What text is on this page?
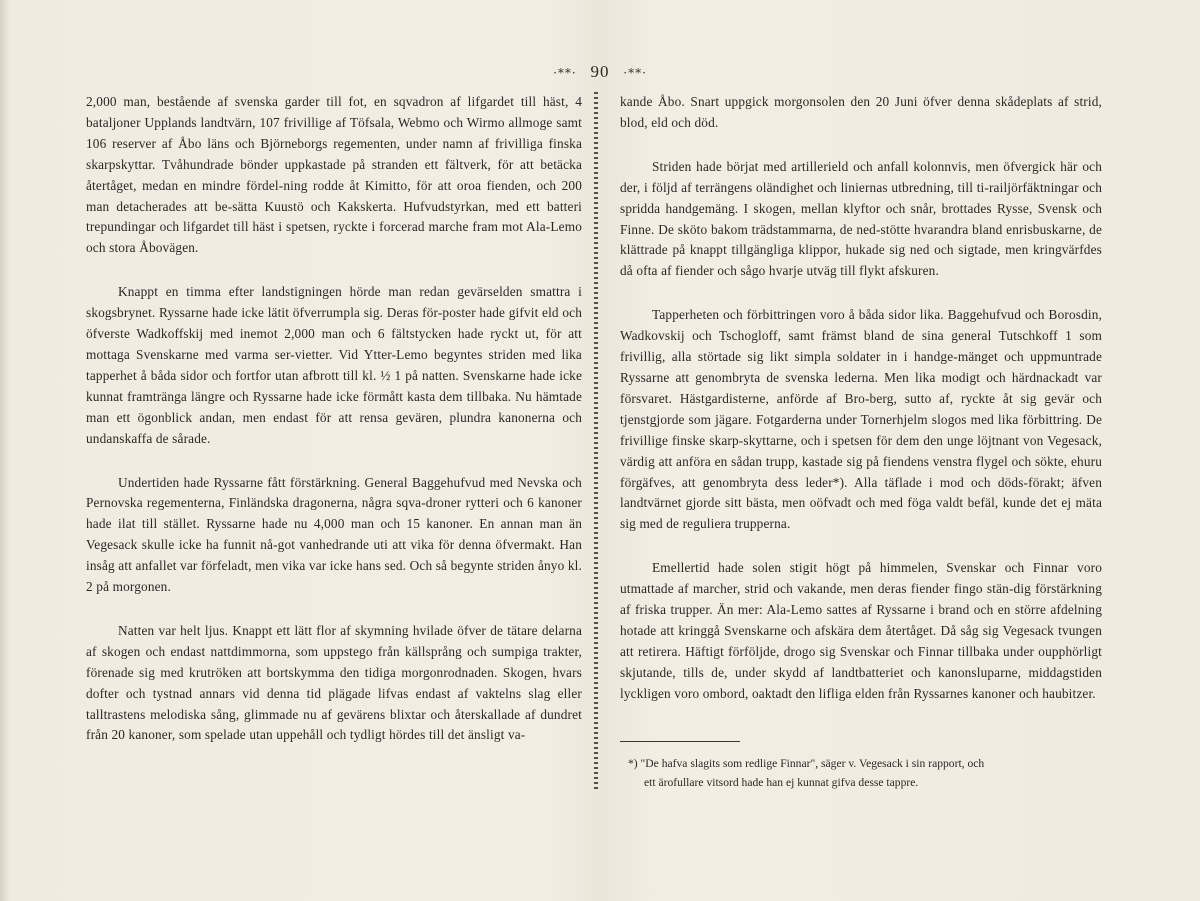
·**· 90 ·**·

2,000 man, bestående af svenska garder till fot, en sqvadron af lifgardet till häst, 4 bataljoner Upplands landtvärn, 107 frivillige af Töfsala, Webmo och Wirmo allmoge samt 106 reserver af Åbo läns och Björneborgs regementen, under namn af frivilliga finska skarpskyttar. Tvåhundrade bönder uppkastade på stranden ett fältverk, för att betäcka återtåget, medan en mindre fördel-ning rodde åt Kimitto, för att oroa fienden, och 200 man detacherades att be-sätta Kuustö och Kakskerta. Hufvudstyrkan, med ett batteri trepundingar och lifgardet till häst i spetsen, ryckte i forcerad marche fram mot Ala-Lemo och stora Åbovägen.

Knappt en timma efter landstigningen hörde man redan gevärselden smattra i skogsbrynet. Ryssarne hade icke lätit öfverrumpla sig. Deras för-poster hade gifvit eld och öfverste Wadkoffskij med inemot 2,000 man och 6 fältstycken hade ryckt ut, för att mottaga Svenskarne med varma ser-vietter. Vid Ytter-Lemo begyntes striden med lika tapperhet å båda sidor och fortfor utan afbrott till kl. ½ 1 på natten. Svenskarne hade icke kunnat framtränga längre och Ryssarne hade icke förmått kasta dem tillbaka. Nu hämtade man ett ögonblick andan, men endast för att rensa gevären, plundra kanonerna och undanskaffa de sårade.

Undertiden hade Ryssarne fått förstärkning. General Baggehufvud med Nevska och Pernovska regementerna, Finländska dragonerna, några sqva-droner rytteri och 6 kanoner hade ilat till stället. Ryssarne hade nu 4,000 man och 15 kanoner. En annan man än Vegesack skulle icke ha funnit nå-got vanhedrande uti att vika för denna öfvermakt. Han insåg att anfallet var förfeladt, men vika var icke hans sed. Och så begynte striden ånyo kl. 2 på morgonen.

Natten var helt ljus. Knappt ett lätt flor af skymning hvilade öfver de tätare delarna af skogen och endast nattdimmorna, som uppstego från källsprång och sumpiga trakter, förenade sig med krutröken att bortskymma den tidiga morgonrodnaden. Skogen, hvars dofter och tystnad annars vid denna tid plägade lifvas endast af vaktelns slag eller talltrastens melodiska sång, glimmade nu af gevärens blixtar och återskallade af dundret från 20 kanoner, som spelade utan uppehåll och tydligt hördes till det änsligt va-

kande Åbo. Snart uppgick morgonsolen den 20 Juni öfver denna skådeplats af strid, blod, eld och död.

Striden hade börjat med artillerield och anfall kolonnvis, men öfvergick här och der, i följd af terrängens oländighet och liniernas utbredning, till ti-railjörfäktningar och spridda handgemäng. I skogen, mellan klyftor och snår, brottades Rysse, Svensk och Finne. De sköto bakom trädstammarna, de ned-stötte hvarandra bland enrisbuskarne, de klättrade på knappt tillgängliga klippor, hukade sig ned och sigtade, men kringvärfdes då ofta af fiender och sågo hvarje utväg till flykt afskuren.

Tapperheten och förbittringen voro å båda sidor lika. Baggehufvud och Borosdin, Wadkovskij och Tschogloff, samt främst bland de sina general Tutschkoff 1 som frivillig, alla störtade sig likt simpla soldater in i handge-mänget och uppmuntrade Ryssarne att genombryta de svenska lederna. Men lika modigt och härdnackadt var försvaret. Hästgardisterne, anförde af Bro-berg, sutto af, ryckte åt sig gevär och tjenstgjorde som jägare. Fotgarderna under Tornerhjelm slogos med lika förbittring. De frivillige finske skarp-skyttarne, och i spetsen för dem den unge löjtnant von Vegesack, värdig att anföra en sådan trupp, kastade sig på fiendens venstra flygel och sökte, ehuru förgäfves, att genombryta dess leder*). Alla täflade i mod och döds-förakt; äfven landtvärnet gjorde sitt bästa, men oöfvadt och med föga valdt befäl, kunde det ej mäta sig med de reguliera trupperna.

Emellertid hade solen stigit högt på himmelen, Svenskar och Finnar voro utmattade af marcher, strid och vakande, men deras fiender fingo stän-dig förstärkning af friska trupper. Än mer: Ala-Lemo sattes af Ryssarne i brand och en större afdelning hotade att kringgå Svenskarne och afskära dem återtåget. Då såg sig Vegesack tvungen att retirera. Häftigt förföljde, drogo sig Svenskar och Finnar tillbaka under oupphörligt skjutande, tills de, under skydd af landtbatteriet och kanonsluparne, middagstiden lyckligen voro ombord, oaktadt den lifliga elden från Ryssarnes kanoner och haubitzer.

*) "De hafva slagits som redlige Finnar", säger v. Vegesack i sin rapport, och
ett ärofullare vitsord hade han ej kunnat gifva desse tappre.
